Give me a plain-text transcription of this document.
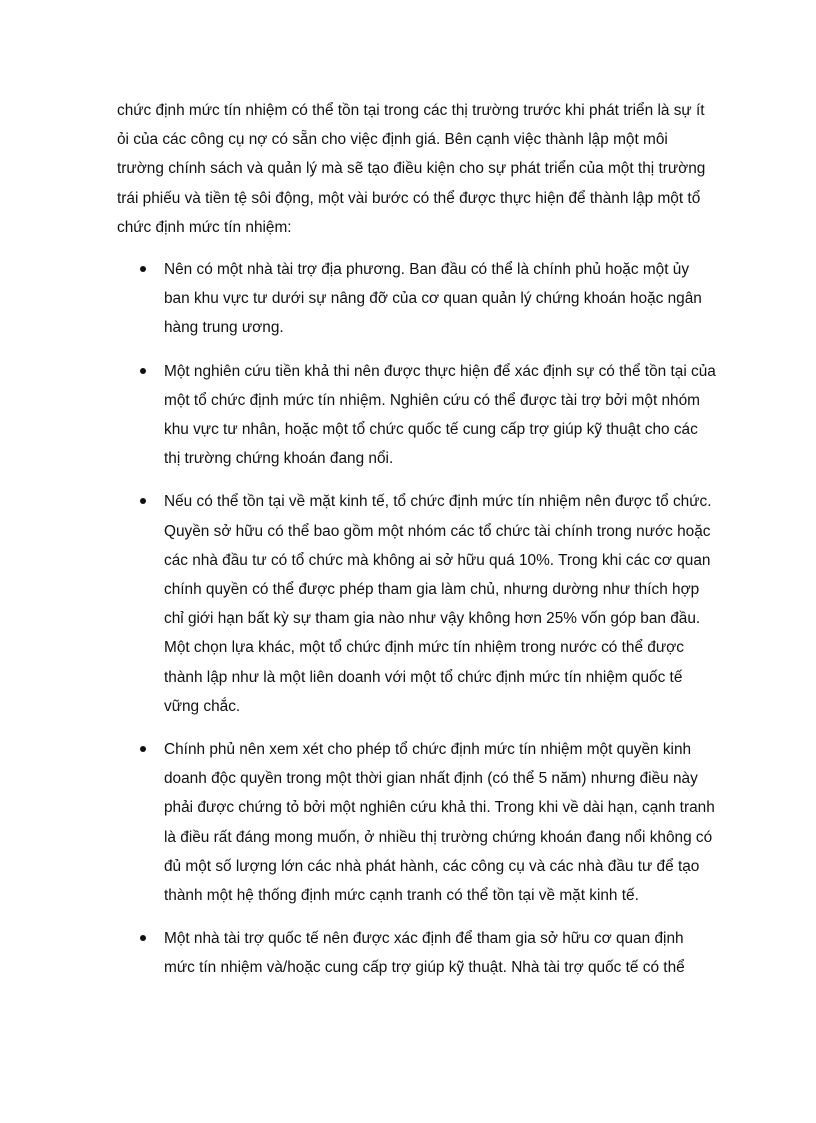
chức định mức tín nhiệm có thể tồn tại trong các thị trường trước khi phát triển là sự ít ỏi của các công cụ nợ có sẵn cho việc định giá. Bên cạnh việc thành lập một môi trường chính sách và quản lý mà sẽ tạo điều kiện cho sự phát triển của một thị trường trái phiếu và tiền tệ sôi động, một vài bước có thể được thực hiện để thành lập một tổ chức định mức tín nhiệm:

Nên có một nhà tài trợ địa phương. Ban đầu có thể là chính phủ hoặc một ủy ban khu vực tư dưới sự nâng đỡ của cơ quan quản lý chứng khoán hoặc ngân hàng trung ương.
Một nghiên cứu tiền khả thi nên được thực hiện để xác định sự có thể tồn tại của một tổ chức định mức tín nhiệm. Nghiên cứu có thể được tài trợ bởi một nhóm khu vực tư nhân, hoặc một tổ chức quốc tế cung cấp trợ giúp kỹ thuật cho các thị trường chứng khoán đang nổi.
Nếu có thể tồn tại về mặt kinh tế, tổ chức định mức tín nhiệm nên được tổ chức. Quyền sở hữu có thể bao gồm một nhóm các tổ chức tài chính trong nước hoặc các nhà đầu tư có tổ chức mà không ai sở hữu quá 10%. Trong khi các cơ quan chính quyền có thể được phép tham gia làm chủ, nhưng dường như thích hợp chỉ giới hạn bất kỳ sự tham gia nào như vậy không hơn 25% vốn góp ban đầu. Một chọn lựa khác, một tổ chức định mức tín nhiệm trong nước có thể được thành lập như là một liên doanh với một tổ chức định mức tín nhiệm quốc tế vững chắc.
Chính phủ nên xem xét cho phép tổ chức định mức tín nhiệm một quyền kinh doanh độc quyền trong một thời gian nhất định (có thể 5 năm) nhưng điều này phải được chứng tỏ bởi một nghiên cứu khả thi. Trong khi về dài hạn, cạnh tranh là điều rất đáng mong muốn, ở nhiều thị trường chứng khoán đang nổi không có đủ một số lượng lớn các nhà phát hành, các công cụ và các nhà đầu tư để tạo thành một hệ thống định mức cạnh tranh có thể tồn tại về mặt kinh tế.
Một nhà tài trợ quốc tế nên được xác định để tham gia sở hữu cơ quan định mức tín nhiệm và/hoặc cung cấp trợ giúp kỹ thuật. Nhà tài trợ quốc tế có thể
